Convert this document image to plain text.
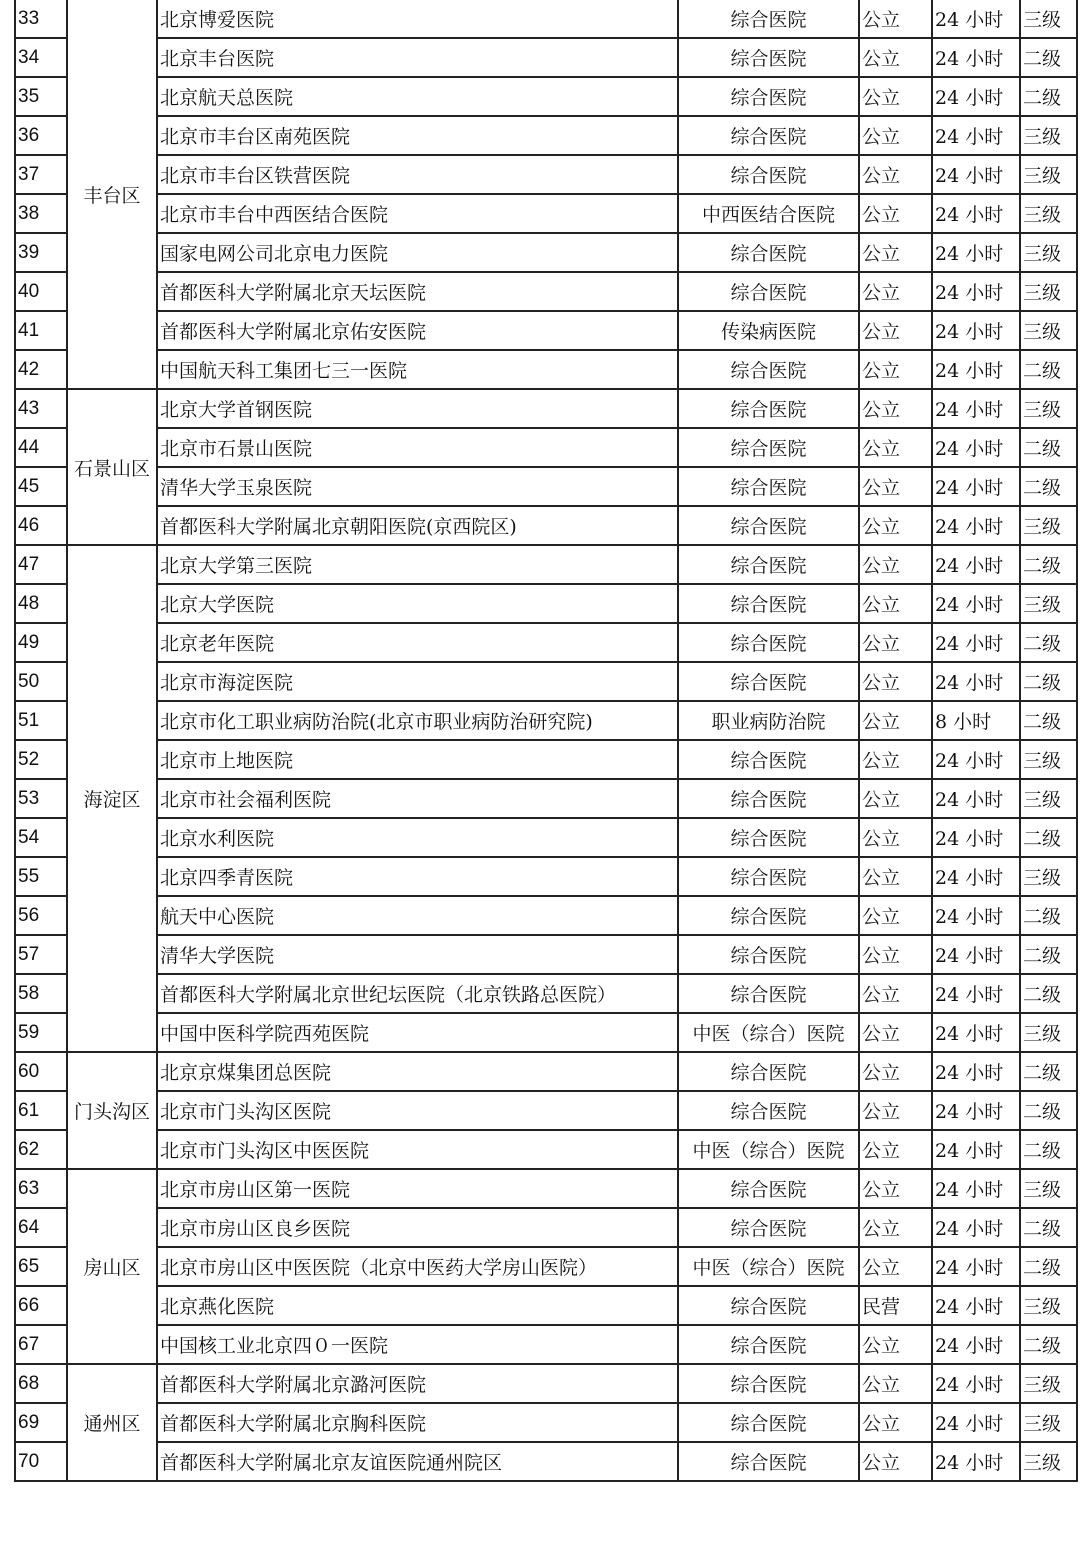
33	丰台区	北京博爱医院	综合医院	公立	24 小时	三级
34		北京丰台医院	综合医院	公立	24 小时	二级
35		北京航天总医院	综合医院	公立	24 小时	二级
36		北京市丰台区南苑医院	综合医院	公立	24 小时	三级
37		北京市丰台区铁营医院	综合医院	公立	24 小时	三级
38		北京市丰台中西医结合医院	中西医结合医院	公立	24 小时	三级
39		国家电网公司北京电力医院	综合医院	公立	24 小时	三级
40		首都医科大学附属北京天坛医院	综合医院	公立	24 小时	三级
41		首都医科大学附属北京佑安医院	传染病医院	公立	24 小时	三级
42		中国航天科工集团七三一医院	综合医院	公立	24 小时	二级
43	石景山区	北京大学首钢医院	综合医院	公立	24 小时	三级
44		北京市石景山医院	综合医院	公立	24 小时	二级
45		清华大学玉泉医院	综合医院	公立	24 小时	二级
46		首都医科大学附属北京朝阳医院(京西院区)	综合医院	公立	24 小时	三级
47	海淀区	北京大学第三医院	综合医院	公立	24 小时	二级
48		北京大学医院	综合医院	公立	24 小时	三级
49		北京老年医院	综合医院	公立	24 小时	二级
50		北京市海淀医院	综合医院	公立	24 小时	二级
51		北京市化工职业病防治院(北京市职业病防治研究院)	职业病防治院	公立	8 小时	二级
52		北京市上地医院	综合医院	公立	24 小时	三级
53		北京市社会福利医院	综合医院	公立	24 小时	三级
54		北京水利医院	综合医院	公立	24 小时	二级
55		北京四季青医院	综合医院	公立	24 小时	三级
56		航天中心医院	综合医院	公立	24 小时	二级
57		清华大学医院	综合医院	公立	24 小时	二级
58		首都医科大学附属北京世纪坛医院（北京铁路总医院）	综合医院	公立	24 小时	二级
59		中国中医科学院西苑医院	中医（综合）医院	公立	24 小时	三级
60	门头沟区	北京京煤集团总医院	综合医院	公立	24 小时	二级
61		北京市门头沟区医院	综合医院	公立	24 小时	二级
62		北京市门头沟区中医医院	中医（综合）医院	公立	24 小时	二级
63	房山区	北京市房山区第一医院	综合医院	公立	24 小时	三级
64		北京市房山区良乡医院	综合医院	公立	24 小时	二级
65		北京市房山区中医医院（北京中医药大学房山医院）	中医（综合）医院	公立	24 小时	二级
66		北京燕化医院	综合医院	民营	24 小时	三级
67		中国核工业北京四０一医院	综合医院	公立	24 小时	二级
68	通州区	首都医科大学附属北京潞河医院	综合医院	公立	24 小时	三级
69		首都医科大学附属北京胸科医院	综合医院	公立	24 小时	三级
70		首都医科大学附属北京友谊医院通州院区	综合医院	公立	24 小时	三级
